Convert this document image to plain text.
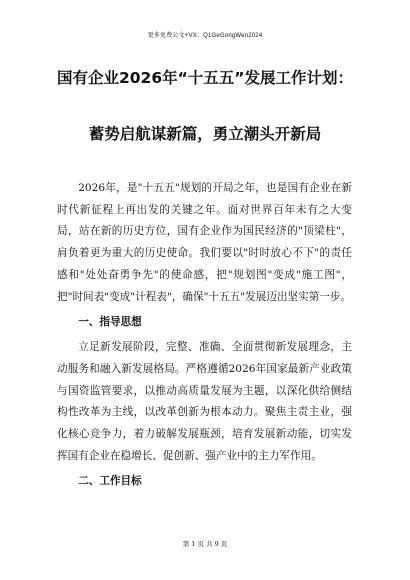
更多免费公文+VX：Q1GeGongWen2024
国有企业2026年“十五五”发展工作计划：
蓄势启航谋新篇，勇立潮头开新局

2026年，是"十五五"规划的开局之年，也是国有企业在新时代新征程上再出发的关键之年。面对世界百年未有之大变局，站在新的历史方位，国有企业作为国民经济的"顶梁柱"，肩负着更为重大的历史使命。我们要以"时时放心不下"的责任感和"处处奋勇争先"的使命感，把"规划图"变成"施工图"，把"时间表"变成"计程表"，确保"十五五"发展迈出坚实第一步。

一、指导思想

立足新发展阶段，完整、准确、全面贯彻新发展理念，主动服务和融入新发展格局。严格遵循2026年国家最新产业政策与国资监管要求，以推动高质量发展为主题，以深化供给侧结构性改革为主线，以改革创新为根本动力。聚焦主责主业，强化核心竞争力，着力破解发展瓶颈，培育发展新动能，切实发挥国有企业在稳增长、促创新、强产业中的主力军作用。

二、工作目标
第 1 页 共 9 页
